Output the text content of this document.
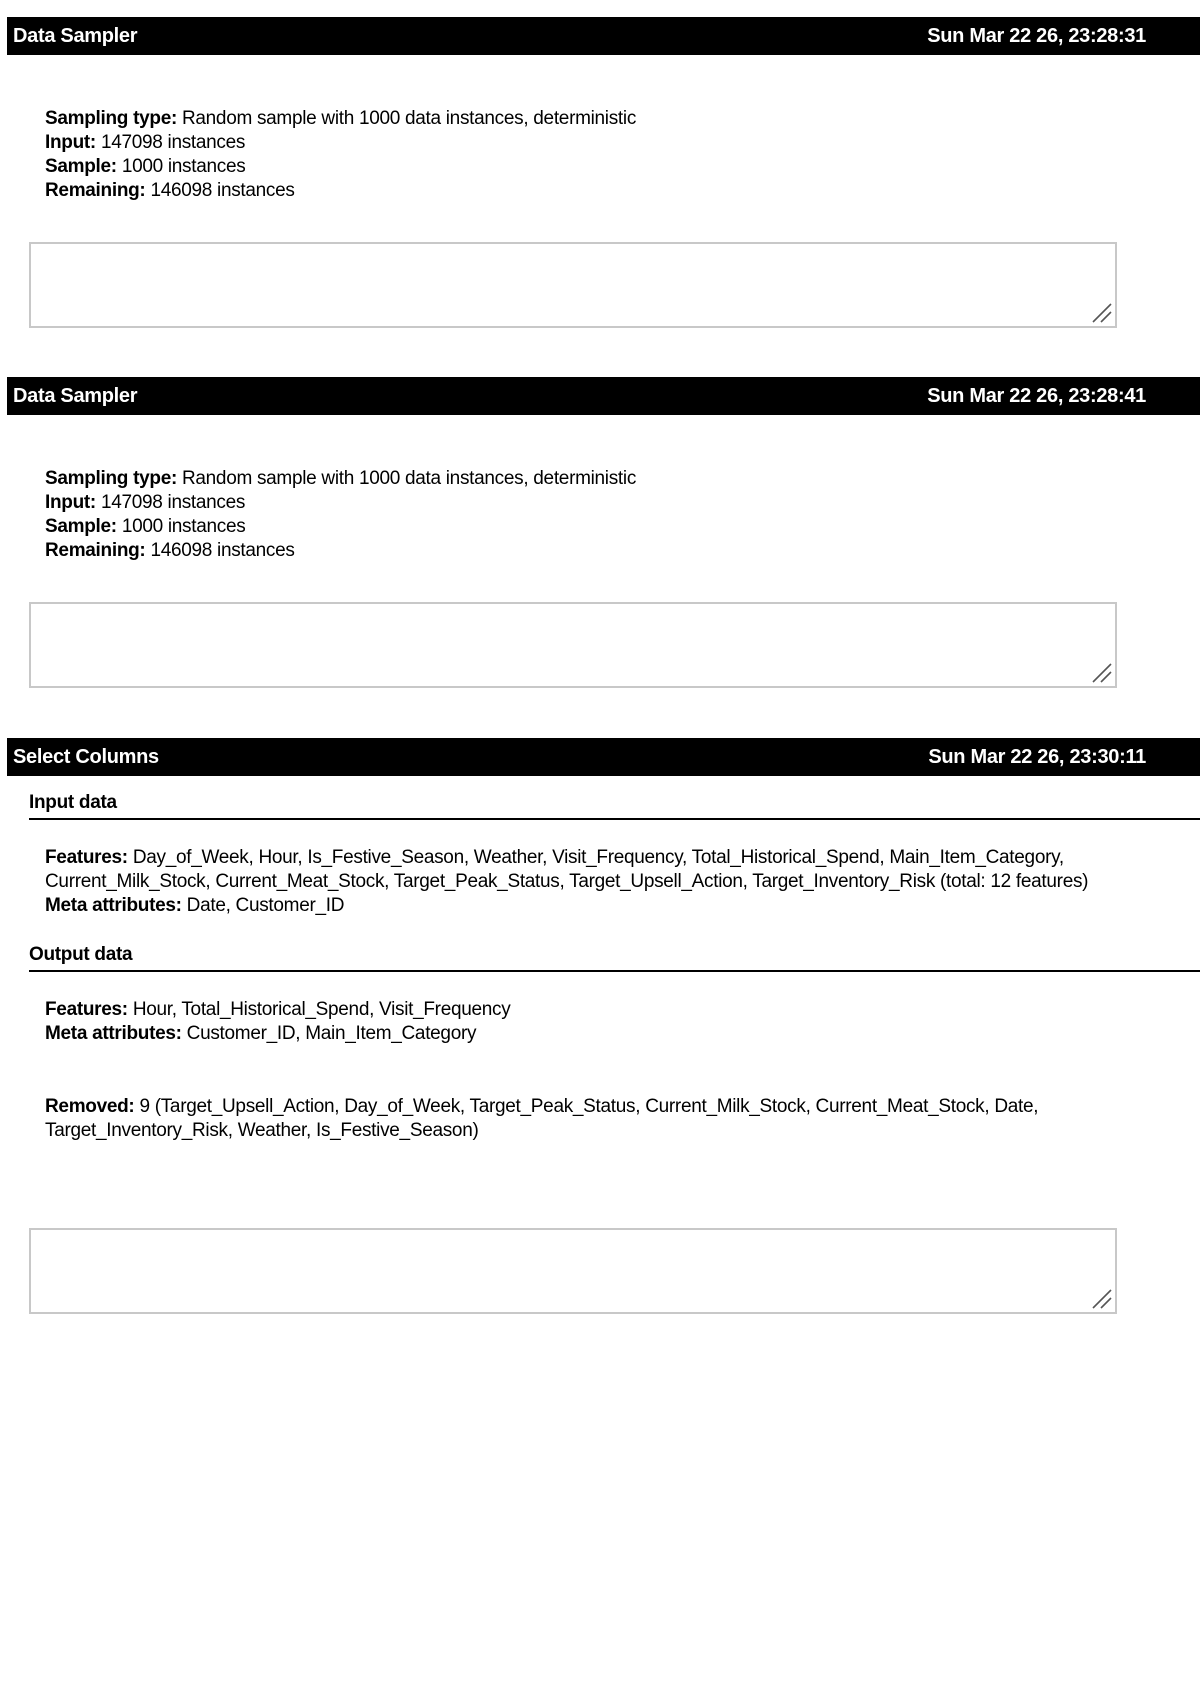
Data Sampler	Sun Mar 22 26, 23:28:31
Sampling type: Random sample with 1000 data instances, deterministic
Input: 147098 instances
Sample: 1000 instances
Remaining: 146098 instances
Data Sampler	Sun Mar 22 26, 23:28:41
Sampling type: Random sample with 1000 data instances, deterministic
Input: 147098 instances
Sample: 1000 instances
Remaining: 146098 instances
Select Columns	Sun Mar 22 26, 23:30:11
Input data
Features: Day_of_Week, Hour, Is_Festive_Season, Weather, Visit_Frequency, Total_Historical_Spend, Main_Item_Category,
Current_Milk_Stock, Current_Meat_Stock, Target_Peak_Status, Target_Upsell_Action, Target_Inventory_Risk (total: 12 features)
Meta attributes: Date, Customer_ID
Output data
Features: Hour, Total_Historical_Spend, Visit_Frequency
Meta attributes: Customer_ID, Main_Item_Category
Removed: 9 (Target_Upsell_Action, Day_of_Week, Target_Peak_Status, Current_Milk_Stock, Current_Meat_Stock, Date,
Target_Inventory_Risk, Weather, Is_Festive_Season)
